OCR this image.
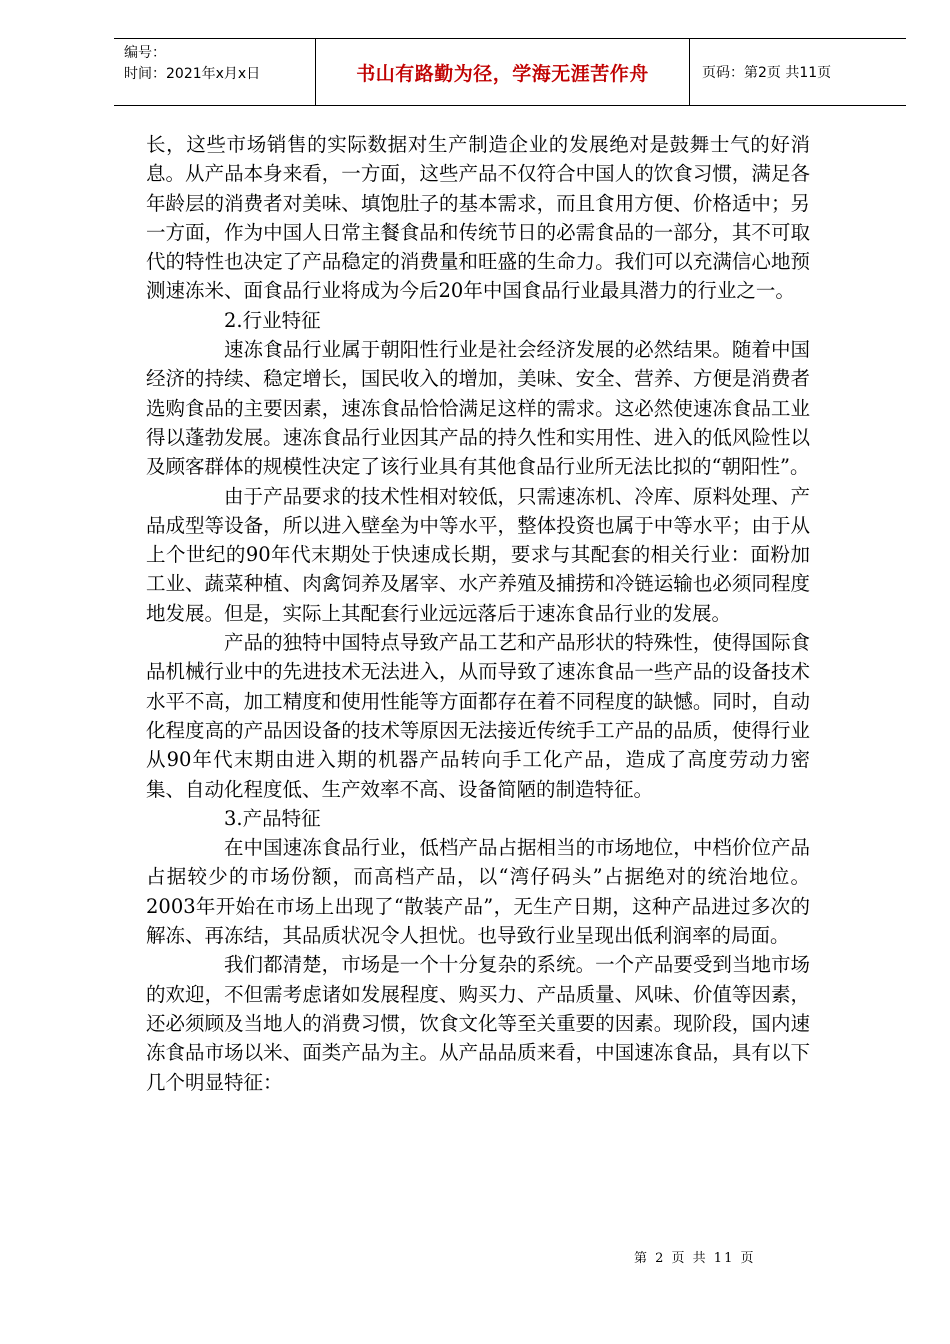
编号：
时间：2021年x月x日	书山有路勤为径，学海无涯苦作舟	页码：第2页 共11页

长，这些市场销售的实际数据对生产制造企业的发展绝对是鼓舞士气的好消息。从产品本身来看，一方面，这些产品不仅符合中国人的饮食习惯，满足各年龄层的消费者对美味、填饱肚子的基本需求，而且食用方便、价格适中；另一方面，作为中国人日常主餐食品和传统节日的必需食品的一部分，其不可取代的特性也决定了产品稳定的消费量和旺盛的生命力。我们可以充满信心地预测速冻米、面食品行业将成为今后20年中国食品行业最具潜力的行业之一。

2.行业特征

速冻食品行业属于朝阳性行业是社会经济发展的必然结果。随着中国经济的持续、稳定增长，国民收入的增加，美味、安全、营养、方便是消费者选购食品的主要因素，速冻食品恰恰满足这样的需求。这必然使速冻食品工业得以蓬勃发展。速冻食品行业因其产品的持久性和实用性、进入的低风险性以及顾客群体的规模性决定了该行业具有其他食品行业所无法比拟的“朝阳性”。

由于产品要求的技术性相对较低，只需速冻机、冷库、原料处理、产品成型等设备，所以进入壁垒为中等水平，整体投资也属于中等水平；由于从上个世纪的90年代末期处于快速成长期，要求与其配套的相关行业：面粉加工业、蔬菜种植、肉禽饲养及屠宰、水产养殖及捕捞和冷链运输也必须同程度地发展。但是，实际上其配套行业远远落后于速冻食品行业的发展。

产品的独特中国特点导致产品工艺和产品形状的特殊性，使得国际食品机械行业中的先进技术无法进入，从而导致了速冻食品一些产品的设备技术水平不高，加工精度和使用性能等方面都存在着不同程度的缺憾。同时，自动化程度高的产品因设备的技术等原因无法接近传统手工产品的品质，使得行业从90年代末期由进入期的机器产品转向手工化产品，造成了高度劳动力密集、自动化程度低、生产效率不高、设备简陋的制造特征。

3.产品特征

在中国速冻食品行业，低档产品占据相当的市场地位，中档价位产品占据较少的市场份额，而高档产品，以“湾仔码头”占据绝对的统治地位。2003年开始在市场上出现了“散装产品”，无生产日期，这种产品进过多次的解冻、再冻结，其品质状况令人担忧。也导致行业呈现出低利润率的局面。

我们都清楚，市场是一个十分复杂的系统。一个产品要受到当地市场的欢迎，不但需考虑诸如发展程度、购买力、产品质量、风味、价值等因素，还必须顾及当地人的消费习惯，饮食文化等至关重要的因素。现阶段，国内速冻食品市场以米、面类产品为主。从产品品质来看，中国速冻食品，具有以下几个明显特征：

第 2 页 共 11 页
